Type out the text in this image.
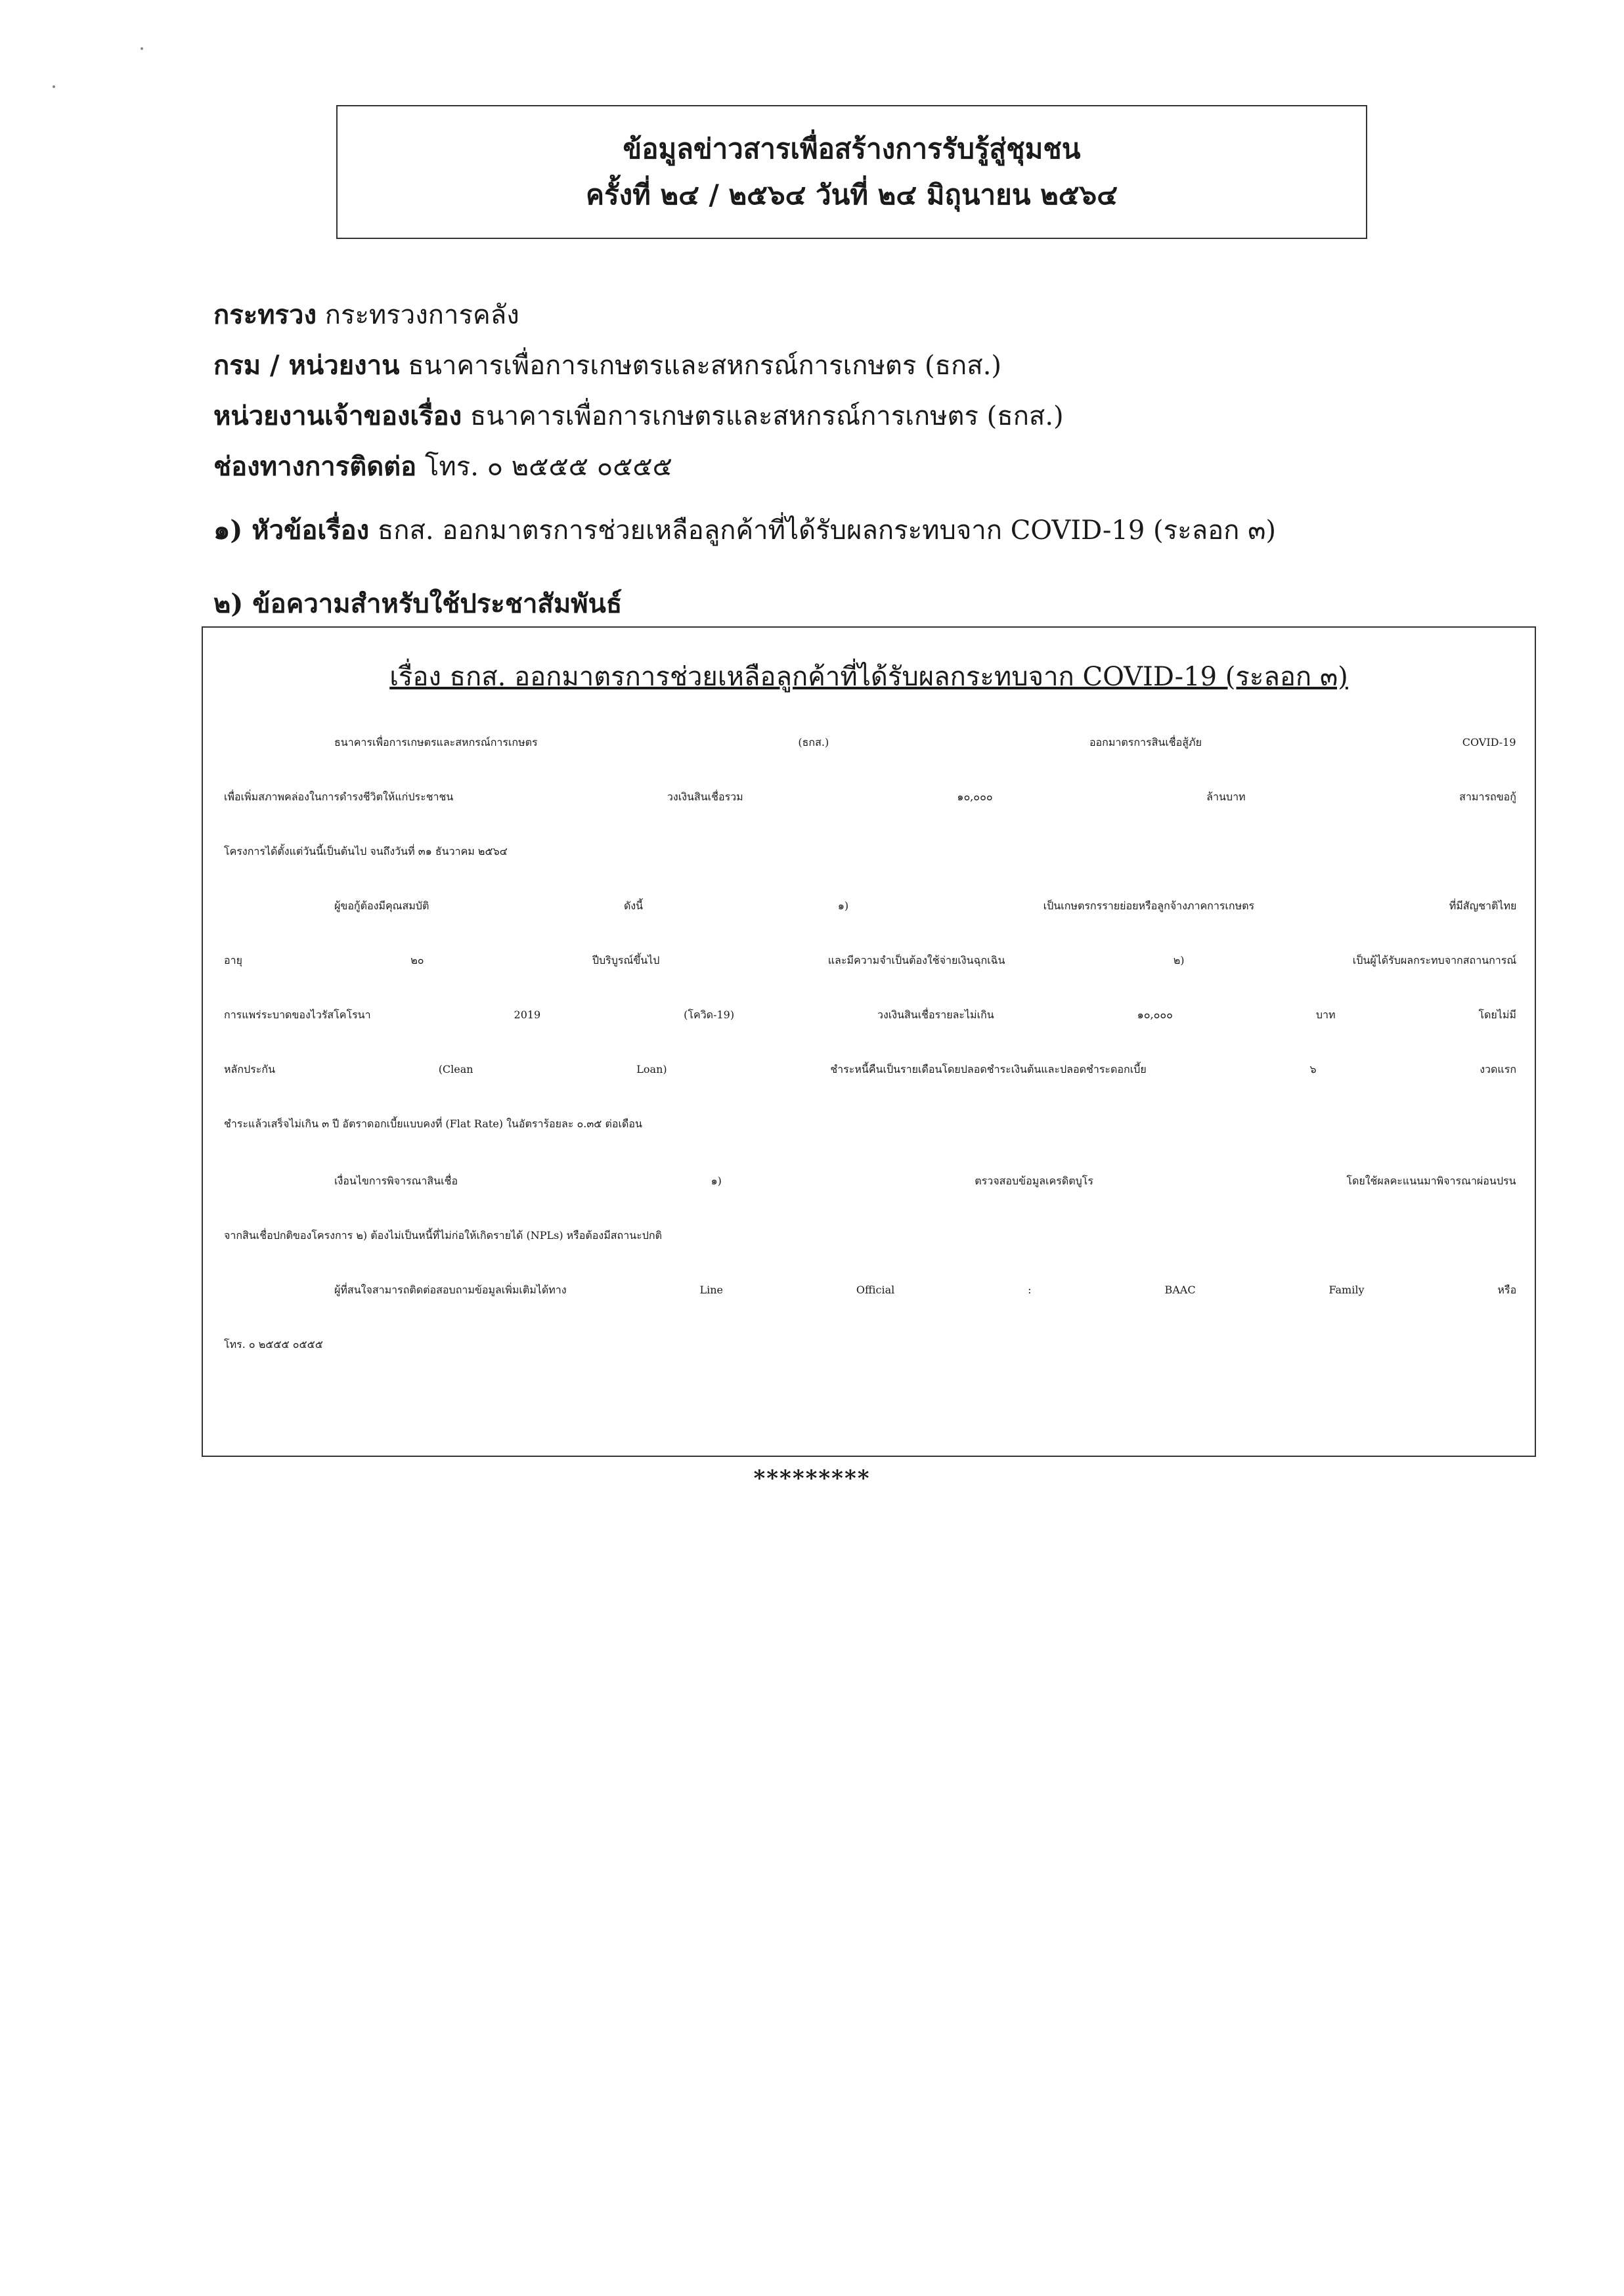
ข้อมูลข่าวสารเพื่อสร้างการรับรู้สู่ชุมชน
ครั้งที่ ๒๔ / ๒๕๖๔ วันที่ ๒๔ มิถุนายน ๒๕๖๔
กระทรวง กระทรวงการคลัง
กรม / หน่วยงาน ธนาคารเพื่อการเกษตรและสหกรณ์การเกษตร (ธกส.)
หน่วยงานเจ้าของเรื่อง ธนาคารเพื่อการเกษตรและสหกรณ์การเกษตร (ธกส.)
ช่องทางการติดต่อ โทร. ๐ ๒๕๕๕ ๐๕๕๕
๑) หัวข้อเรื่อง ธกส. ออกมาตรการช่วยเหลือลูกค้าที่ได้รับผลกระทบจาก COVID-19 (ระลอก ๓)
๒) ข้อความสำหรับใช้ประชาสัมพันธ์
เรื่อง ธกส. ออกมาตรการช่วยเหลือลูกค้าที่ได้รับผลกระทบจาก COVID-19 (ระลอก ๓)
ธนาคารเพื่อการเกษตรและสหกรณ์การเกษตร (ธกส.) ออกมาตรการสินเชื่อสู้ภัย COVID-19
เพื่อเพิ่มสภาพคล่องในการดำรงชีวิตให้แก่ประชาชน วงเงินสินเชื่อรวม ๑๐,๐๐๐ ล้านบาท สามารถขอกู้
โครงการได้ตั้งแต่วันนี้เป็นต้นไป จนถึงวันที่ ๓๑ ธันวาคม ๒๕๖๔
ผู้ขอกู้ต้องมีคุณสมบัติ ดังนี้ ๑) เป็นเกษตรกรรายย่อยหรือลูกจ้างภาคการเกษตร ที่มีสัญชาติไทย
อายุ ๒๐ ปีบริบูรณ์ขึ้นไป และมีความจำเป็นต้องใช้จ่ายเงินฉุกเฉิน ๒) เป็นผู้ได้รับผลกระทบจากสถานการณ์
การแพร่ระบาดของไวรัสโคโรนา 2019 (โควิด-19) วงเงินสินเชื่อรายละไม่เกิน ๑๐,๐๐๐ บาท โดยไม่มี
หลักประกัน (Clean Loan) ชำระหนี้คืนเป็นรายเดือนโดยปลอดชำระเงินต้นและปลอดชำระดอกเบี้ย ๖ งวดแรก
ชำระแล้วเสร็จไม่เกิน ๓ ปี อัตราดอกเบี้ยแบบคงที่ (Flat Rate) ในอัตราร้อยละ ๐.๓๕ ต่อเดือน
เงื่อนไขการพิจารณาสินเชื่อ ๑) ตรวจสอบข้อมูลเครดิตบูโร โดยใช้ผลคะแนนมาพิจารณาผ่อนปรน
จากสินเชื่อปกติของโครงการ ๒) ต้องไม่เป็นหนี้ที่ไม่ก่อให้เกิดรายได้ (NPLs) หรือต้องมีสถานะปกติ
ผู้ที่สนใจสามารถติดต่อสอบถามข้อมูลเพิ่มเติมได้ทาง Line Official : BAAC Family หรือ
โทร. ๐ ๒๕๕๕ ๐๕๕๕
*********
